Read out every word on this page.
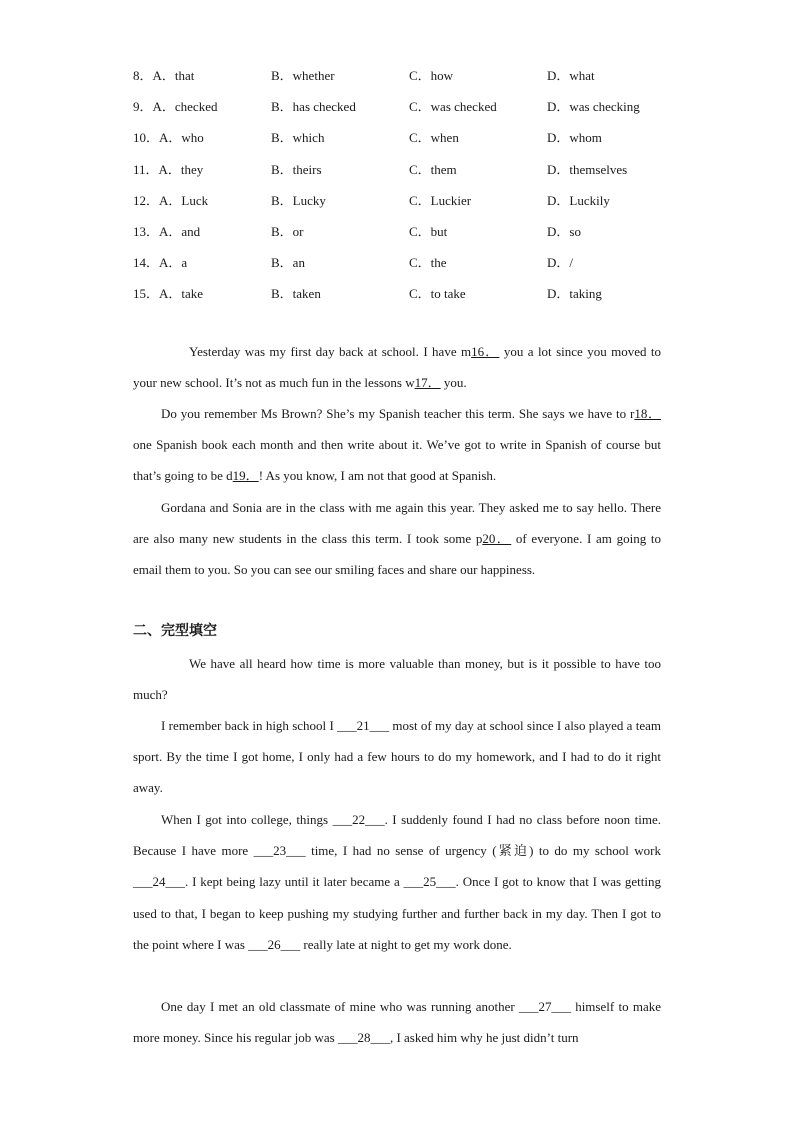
8．A．that	B．whether	C．how	D．what
9．A．checked	B．has checked	C．was checked	D．was checking
10．A．who	B．which	C．when	D．whom
11．A．they	B．theirs	C．them	D．themselves
12．A．Luck	B．Lucky	C．Luckier	D．Luckily
13．A．and	B．or	C．but	D．so
14．A．a	B．an	C．the	D．/
15．A．take	B．taken	C．to take	D．taking
Yesterday was my first day back at school. I have m16． you a lot since you moved to your new school. It’s not as much fun in the lessons w17． you.
Do you remember Ms Brown? She’s my Spanish teacher this term. She says we have to r18． one Spanish book each month and then write about it. We’ve got to write in Spanish of course but that’s going to be d19．! As you know, I am not that good at Spanish.
Gordana and Sonia are in the class with me again this year. They asked me to say hello. There are also many new students in the class this term. I took some p20． of everyone. I am going to email them to you. So you can see our smiling faces and share our happiness.
二、完型填空
We have all heard how time is more valuable than money, but is it possible to have too much?
I remember back in high school I ___21___ most of my day at school since I also played a team sport. By the time I got home, I only had a few hours to do my homework, and I had to do it right away.
When I got into college, things ___22___. I suddenly found I had no class before noon time. Because I have more ___23___ time, I had no sense of urgency (紧迫) to do my school work ___24___. I kept being lazy until it later became a ___25___. Once I got to know that I was getting used to that, I began to keep pushing my studying further and further back in my day. Then I got to the point where I was ___26___ really late at night to get my work done.
One day I met an old classmate of mine who was running another ___27___ himself to make more money. Since his regular job was ___28___, I asked him why he just didn’t turn
